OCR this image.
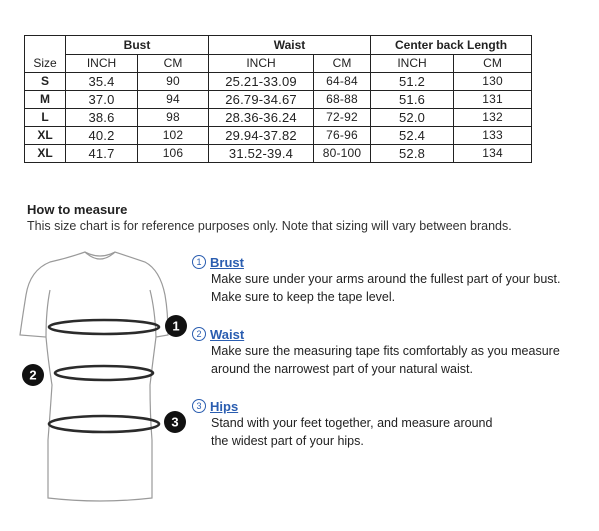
	Bust		Waist		Center back Length	
Size	INCH	CM	INCH	CM	INCH	CM
S	35.4	90	25.21-33.09	64-84	51.2	130
M	37.0	94	26.79-34.67	68-88	51.6	131
L	38.6	98	28.36-36.24	72-92	52.0	132
XL	40.2	102	29.94-37.82	76-96	52.4	133
XL	41.7	106	31.52-39.4	80-100	52.8	134
How to measure
This size chart is for reference purposes only. Note that sizing will vary between brands.
1
2
3
1 Brust
Make sure under your arms around the fullest part of your bust.
Make sure to keep the tape level.
2 Waist
Make sure the measuring tape fits comfortably as you measure
around the narrowest part of your natural waist.
3 Hips
Stand with your feet together, and measure around
the widest part of your hips.
